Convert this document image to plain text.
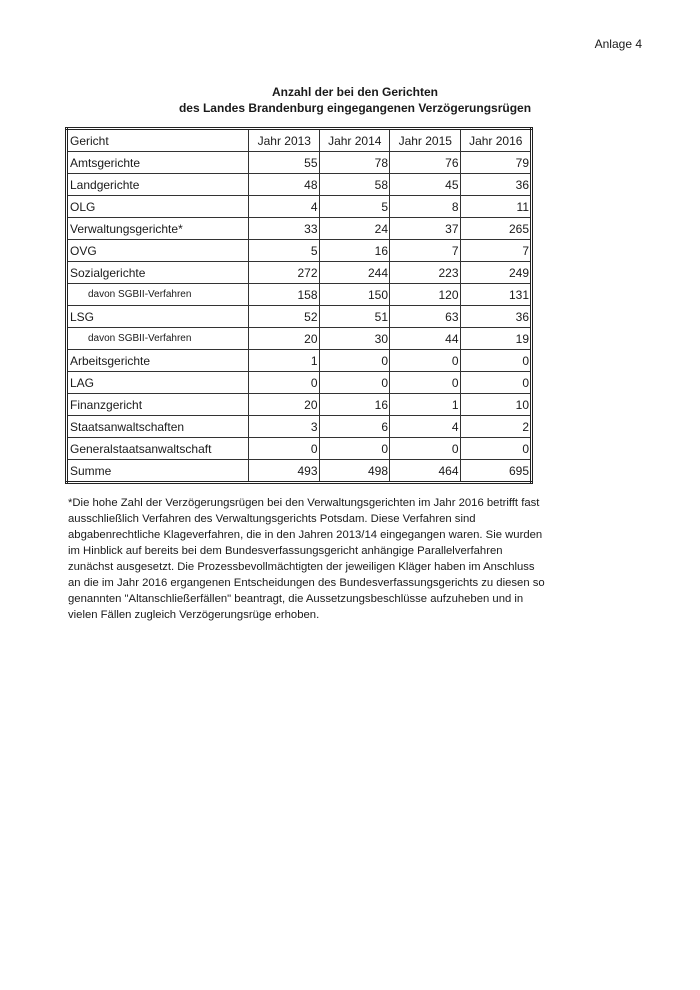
Anlage 4
Anzahl der bei den Gerichten
des Landes Brandenburg eingegangenen Verzögerungsrügen
Gericht	Jahr 2013	Jahr 2014	Jahr 2015	Jahr 2016
Amtsgerichte	55	78	76	79
Landgerichte	48	58	45	36
OLG	4	5	8	11
Verwaltungsgerichte*	33	24	37	265
OVG	5	16	7	7
Sozialgerichte	272	244	223	249
davon SGBII-Verfahren	158	150	120	131
LSG	52	51	63	36
davon SGBII-Verfahren	20	30	44	19
Arbeitsgerichte	1	0	0	0
LAG	0	0	0	0
Finanzgericht	20	16	1	10
Staatsanwaltschaften	3	6	4	2
Generalstaatsanwaltschaft	0	0	0	0
Summe	493	498	464	695
*Die hohe Zahl der Verzögerungsrügen bei den Verwaltungsgerichten im Jahr 2016 betrifft fast ausschließlich Verfahren des Verwaltungsgerichts Potsdam. Diese Verfahren sind abgabenrechtliche Klageverfahren, die in den Jahren 2013/14 eingegangen waren. Sie wurden im Hinblick auf bereits bei dem Bundesverfassungsgericht anhängige Parallelverfahren zunächst ausgesetzt. Die Prozessbevollmächtigten der jeweiligen Kläger haben im Anschluss an die im Jahr 2016 ergangenen Entscheidungen des Bundesverfassungsgerichts zu diesen so genannten "Altanschließerfällen" beantragt, die Aussetzungsbeschlüsse aufzuheben und in vielen Fällen zugleich Verzögerungsrüge erhoben.
